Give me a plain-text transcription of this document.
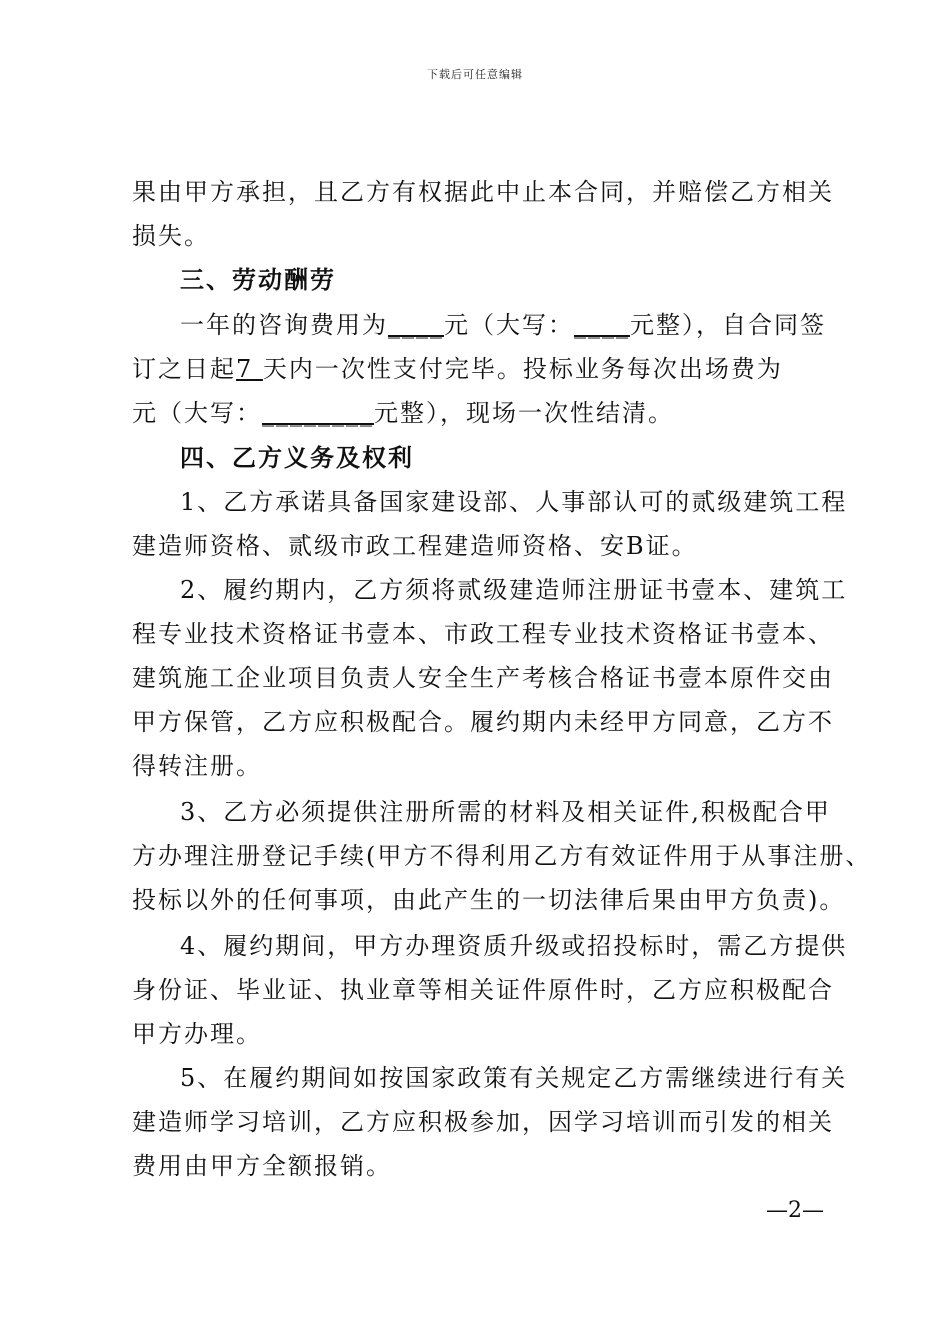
下载后可任意编辑
果由甲方承担，且乙方有权据此中止本合同，并赔偿乙方相关
损失。
三、劳动酬劳
一年的咨询费用为____元（大写：____元整），自合同签
订之日起7 天内一次性支付完毕。投标业务每次出场费为
元（大写：________元整），现场一次性结清。
四、乙方义务及权利
1、乙方承诺具备国家建设部、人事部认可的贰级建筑工程
建造师资格、贰级市政工程建造师资格、安B证。
2、履约期内，乙方须将贰级建造师注册证书壹本、建筑工
程专业技术资格证书壹本、市政工程专业技术资格证书壹本、
建筑施工企业项目负责人安全生产考核合格证书壹本原件交由
甲方保管，乙方应积极配合。履约期内未经甲方同意，乙方不
得转注册。
3、乙方必须提供注册所需的材料及相关证件,积极配合甲
方办理注册登记手续(甲方不得利用乙方有效证件用于从事注册、
投标以外的任何事项，由此产生的一切法律后果由甲方负责)。
4、履约期间，甲方办理资质升级或招投标时，需乙方提供
身份证、毕业证、执业章等相关证件原件时，乙方应积极配合
甲方办理。
5、在履约期间如按国家政策有关规定乙方需继续进行有关
建造师学习培训，乙方应积极参加，因学习培训而引发的相关
费用由甲方全额报销。
—2—
